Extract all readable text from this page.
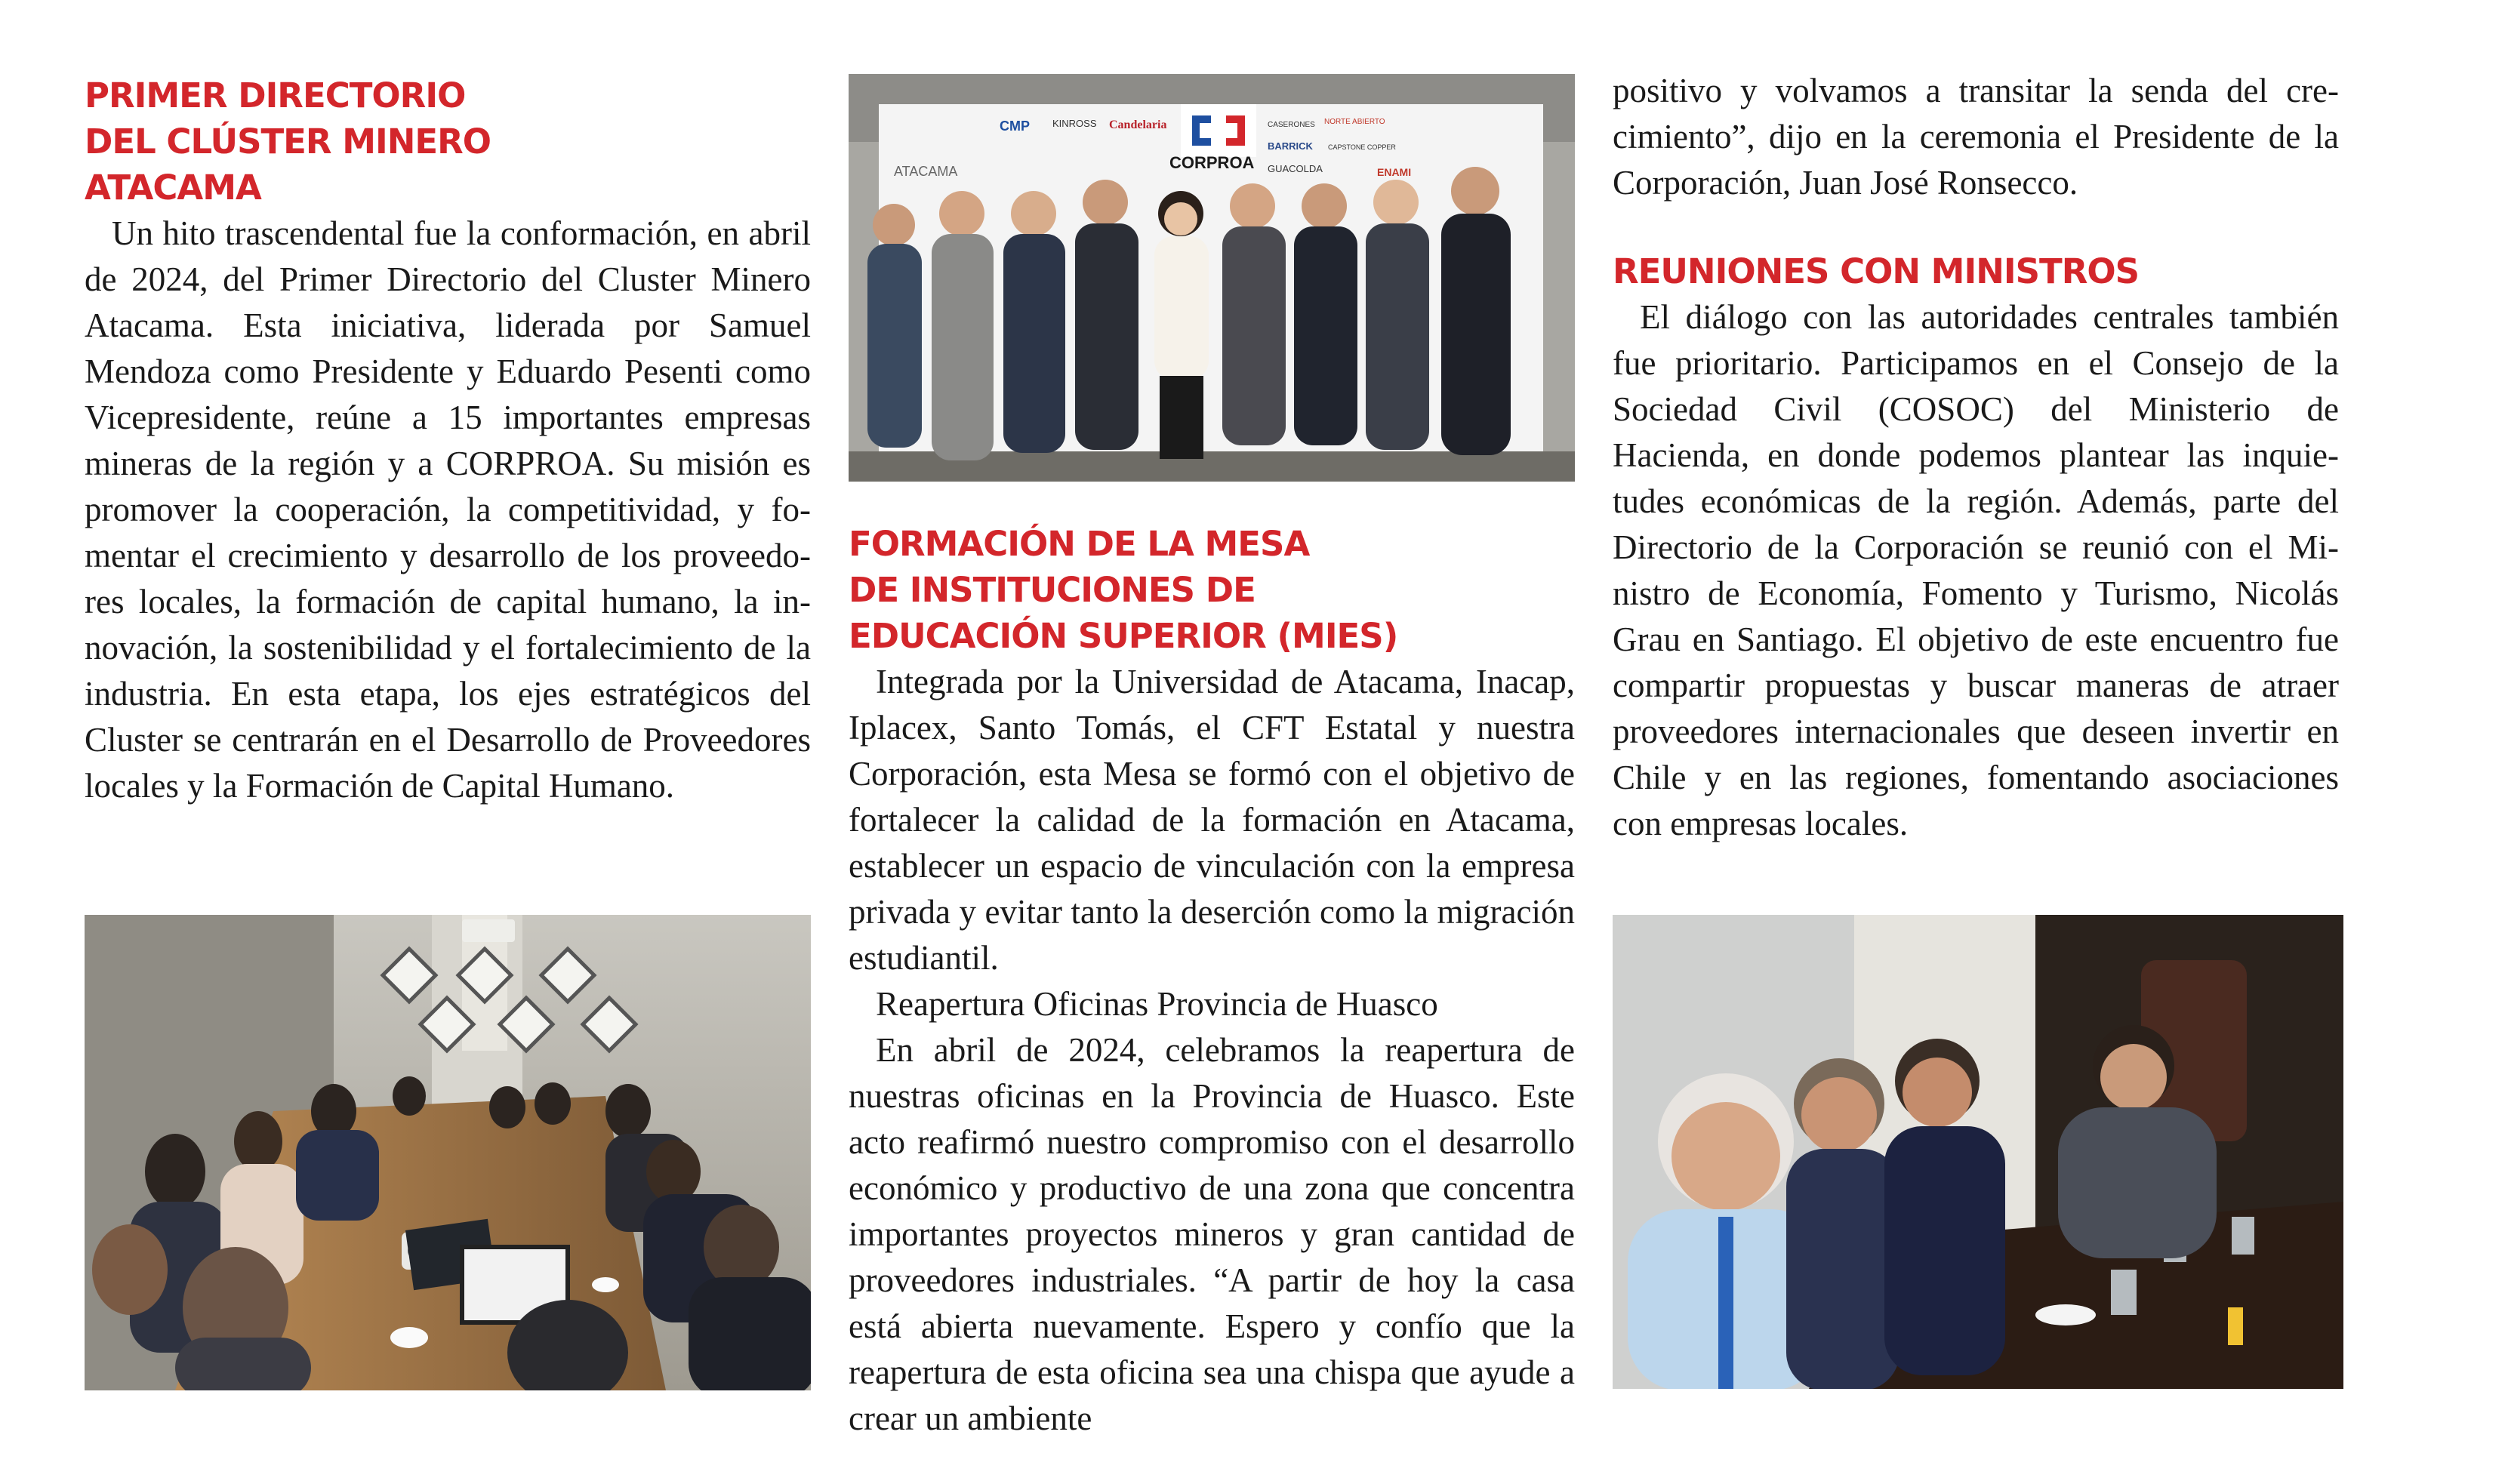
PRIMER DIRECTORIO
DEL CLÚSTER MINERO
ATACAMA

Un hito trascendental fue la conformación, en abril de 2024, del Primer Directorio del Cluster Minero Atacama. Esta iniciativa, liderada por Samuel Mendoza como Presidente y Eduardo Pesenti como Vicepresidente, reúne a 15 importantes empresas mineras de la región y a CORPROA. Su misión es promover la cooperación, la competitividad, y fomentar el crecimiento y desarrollo de los proveedores locales, la formación de capital humano, la innovación, la sostenibilidad y el fortalecimiento de la industria. En esta etapa, los ejes estratégicos del Cluster se centrarán en el Desarrollo de Proveedores locales y la Formación de Capital Humano.

CMP KINROSS Candelaria	CASERONES NORTE ABIERTO
BARRICK CAPSTONE COPPER
GUACOLDA	ENAMI
ATACAMA	CORPROA
FORMACIÓN DE LA MESA
DE INSTITUCIONES DE
EDUCACIÓN SUPERIOR (MIES)

Integrada por la Universidad de Atacama, Inacap, Iplacex, Santo Tomás, el CFT Estatal y nuestra Corporación, esta Mesa se formó con el objetivo de fortalecer la calidad de la formación en Atacama, establecer un espacio de vinculación con la empresa privada y evitar tanto la deserción como la migración estudiantil.

Reapertura Oficinas Provincia de Huasco

En abril de 2024, celebramos la reapertura de nuestras oficinas en la Provincia de Huasco. Este acto reafirmó nuestro compromiso con el desarrollo económico y productivo de una zona que concentra importantes proyectos mineros y gran cantidad de proveedores industriales. “A partir de hoy la casa está abierta nuevamente. Espero y confío que la reapertura de esta oficina sea una chispa que ayude a crear un ambiente

positivo y volvamos a transitar la senda del crecimiento”, dijo en la ceremonia el Presidente de la Corporación, Juan José Ronsecco.

REUNIONES CON MINISTROS

El diálogo con las autoridades centrales también fue prioritario. Participamos en el Consejo de la Sociedad Civil (COSOC) del Ministerio de Hacienda, en donde podemos plantear las inquietudes económicas de la región. Además, parte del Directorio de la Corporación se reunió con el Ministro de Economía, Fomento y Turismo, Nicolás Grau en Santiago. El objetivo de este encuentro fue compartir propuestas y buscar maneras de atraer proveedores internacionales que deseen invertir en Chile y en las regiones, fomentando asociaciones con empresas locales.
